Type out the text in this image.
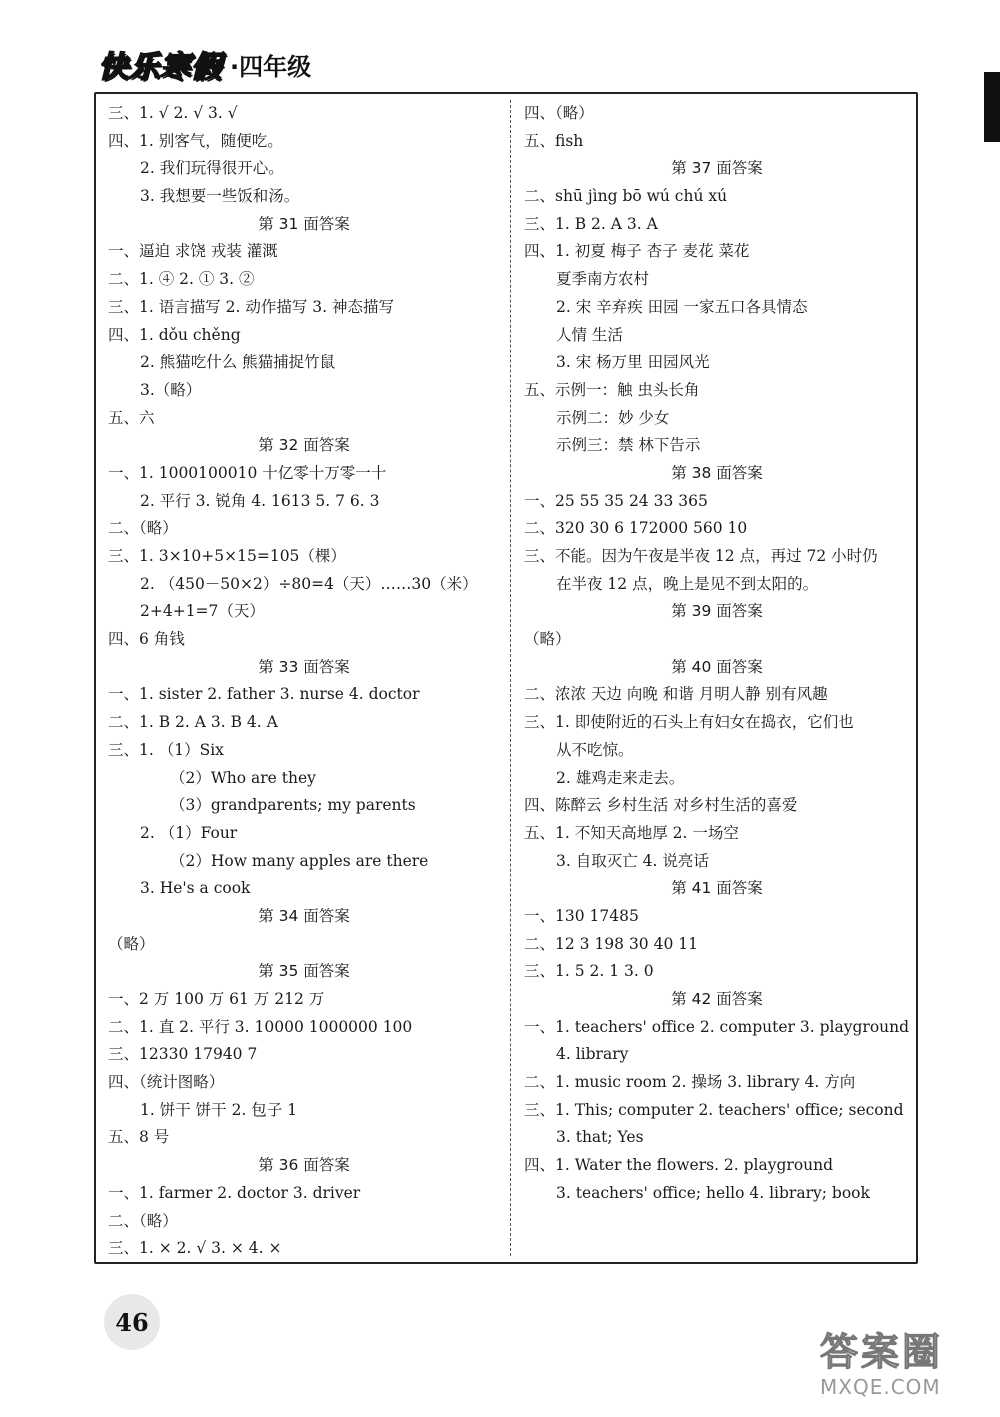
快乐寒假 ·四年级
三、1. √ 2. √ 3. √
四、1. 别客气，随便吃。
2. 我们玩得很开心。
3. 我想要一些饭和汤。
第 31 面答案
一、逼迫 求饶 戎装 灌溉
二、1. ④ 2. ① 3. ②
三、1. 语言描写 2. 动作描写 3. 神态描写
四、1. dǒu chěng
2. 熊猫吃什么 熊猫捕捉竹鼠
3.（略）
五、六
第 32 面答案
一、1. 1000100010 十亿零十万零一十
2. 平行 3. 锐角 4. 1613 5. 7 6. 3
二、（略）
三、1. 3×10+5×15=105（棵）
2. （450－50×2）÷80=4（天）……30（米）
2+4+1=7（天）
四、6 角钱
第 33 面答案
一、1. sister 2. father 3. nurse 4. doctor
二、1. B 2. A 3. B 4. A
三、1. （1）Six
（2）Who are they
（3）grandparents; my parents
2. （1）Four
（2）How many apples are there
3. He's a cook
第 34 面答案
（略）
第 35 面答案
一、2 万 100 万 61 万 212 万
二、1. 直 2. 平行 3. 10000 1000000 100
三、12330 17940 7
四、（统计图略）
1. 饼干 饼干 2. 包子 1
五、8 号
第 36 面答案
一、1. farmer 2. doctor 3. driver
二、（略）
三、1. × 2. √ 3. × 4. ×
四、（略）
五、fish
第 37 面答案
二、shū jìng bō wú chú xú
三、1. B 2. A 3. A
四、1. 初夏 梅子 杏子 麦花 菜花
夏季南方农村
2. 宋 辛弃疾 田园 一家五口各具情态
人情 生活
3. 宋 杨万里 田园风光
五、示例一：触 虫头长角
示例二：妙 少女
示例三：禁 林下告示
第 38 面答案
一、25 55 35 24 33 365
二、320 30 6 172000 560 10
三、不能。因为午夜是半夜 12 点，再过 72 小时仍
在半夜 12 点，晚上是见不到太阳的。
第 39 面答案
（略）
第 40 面答案
二、浓浓 天边 向晚 和谐 月明人静 别有风趣
三、1. 即使附近的石头上有妇女在捣衣，它们也
从不吃惊。
2. 雄鸡走来走去。
四、陈醉云 乡村生活 对乡村生活的喜爱
五、1. 不知天高地厚 2. 一场空
3. 自取灭亡 4. 说亮话
第 41 面答案
一、130 17485
二、12 3 198 30 40 11
三、1. 5 2. 1 3. 0
第 42 面答案
一、1. teachers' office 2. computer 3. playground
4. library
二、1. music room 2. 操场 3. library 4. 方向
三、1. This; computer 2. teachers' office; second
3. that; Yes
四、1. Water the flowers. 2. playground
3. teachers' office; hello 4. library; book
46
答案圈
MXQE.COM
